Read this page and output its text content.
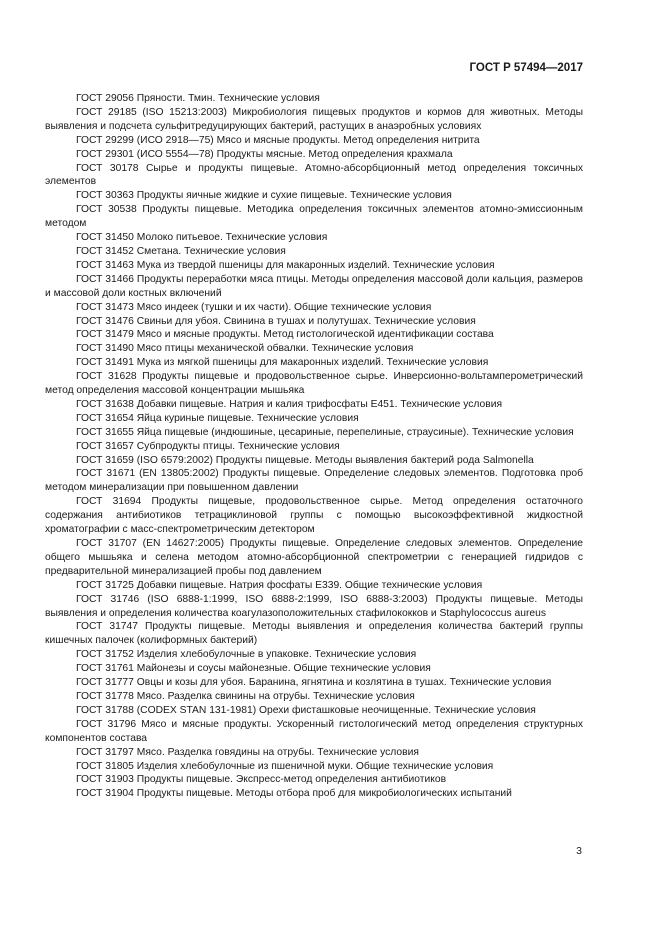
ГОСТ Р 57494—2017

ГОСТ 29056 Пряности. Тмин. Технические условия

ГОСТ 29185 (ISO 15213:2003) Микробиология пищевых продуктов и кормов для животных. Методы выявления и подсчета сульфитредуцирующих бактерий, растущих в анаэробных условиях

ГОСТ 29299 (ИСО 2918—75) Мясо и мясные продукты. Метод определения нитрита

ГОСТ 29301 (ИСО 5554—78) Продукты мясные. Метод определения крахмала

ГОСТ 30178 Сырье и продукты пищевые. Атомно-абсорбционный метод определения токсичных элементов

ГОСТ 30363 Продукты яичные жидкие и сухие пищевые. Технические условия

ГОСТ 30538 Продукты пищевые. Методика определения токсичных элементов атомно-эмиссионным методом

ГОСТ 31450 Молоко питьевое. Технические условия

ГОСТ 31452 Сметана. Технические условия

ГОСТ 31463 Мука из твердой пшеницы для макаронных изделий. Технические условия

ГОСТ 31466 Продукты переработки мяса птицы. Методы определения массовой доли кальция, размеров и массовой доли костных включений

ГОСТ 31473 Мясо индеек (тушки и их части). Общие технические условия

ГОСТ 31476 Свиньи для убоя. Свинина в тушах и полутушах. Технические условия

ГОСТ 31479 Мясо и мясные продукты. Метод гистологической идентификации состава

ГОСТ 31490 Мясо птицы механической обвалки. Технические условия

ГОСТ 31491 Мука из мягкой пшеницы для макаронных изделий. Технические условия

ГОСТ 31628 Продукты пищевые и продовольственное сырье. Инверсионно-вольтамперометрический метод определения массовой концентрации мышьяка

ГОСТ 31638 Добавки пищевые. Натрия и калия трифосфаты E451. Технические условия

ГОСТ 31654 Яйца куриные пищевые. Технические условия

ГОСТ 31655 Яйца пищевые (индюшиные, цесариные, перепелиные, страусиные). Технические условия

ГОСТ 31657 Субпродукты птицы. Технические условия

ГОСТ 31659 (ISO 6579:2002) Продукты пищевые. Методы выявления бактерий рода Salmonella

ГОСТ 31671 (EN 13805:2002) Продукты пищевые. Определение следовых элементов. Подготовка проб методом минерализации при повышенном давлении

ГОСТ 31694 Продукты пищевые, продовольственное сырье. Метод определения остаточного содержания антибиотиков тетрациклиновой группы с помощью высокоэффективной жидкостной хроматографии с масс-спектрометрическим детектором

ГОСТ 31707 (EN 14627:2005) Продукты пищевые. Определение следовых элементов. Определение общего мышьяка и селена методом атомно-абсорбционной спектрометрии с генерацией гидридов с предварительной минерализацией пробы под давлением

ГОСТ 31725 Добавки пищевые. Натрия фосфаты E339. Общие технические условия

ГОСТ 31746 (ISO 6888-1:1999, ISO 6888-2:1999, ISO 6888-3:2003) Продукты пищевые. Методы выявления и определения количества коагулазоположительных стафилококков и Staphylococcus aureus

ГОСТ 31747 Продукты пищевые. Методы выявления и определения количества бактерий группы кишечных палочек (колиформных бактерий)

ГОСТ 31752 Изделия хлебобулочные в упаковке. Технические условия

ГОСТ 31761 Майонезы и соусы майонезные. Общие технические условия

ГОСТ 31777 Овцы и козы для убоя. Баранина, ягнятина и козлятина в тушах. Технические условия

ГОСТ 31778 Мясо. Разделка свинины на отрубы. Технические условия

ГОСТ 31788 (CODEX STAN 131-1981) Орехи фисташковые неочищенные. Технические условия

ГОСТ 31796 Мясо и мясные продукты. Ускоренный гистологический метод определения структурных компонентов состава

ГОСТ 31797 Мясо. Разделка говядины на отрубы. Технические условия

ГОСТ 31805 Изделия хлебобулочные из пшеничной муки. Общие технические условия

ГОСТ 31903 Продукты пищевые. Экспресс-метод определения антибиотиков

ГОСТ 31904 Продукты пищевые. Методы отбора проб для микробиологических испытаний

3
